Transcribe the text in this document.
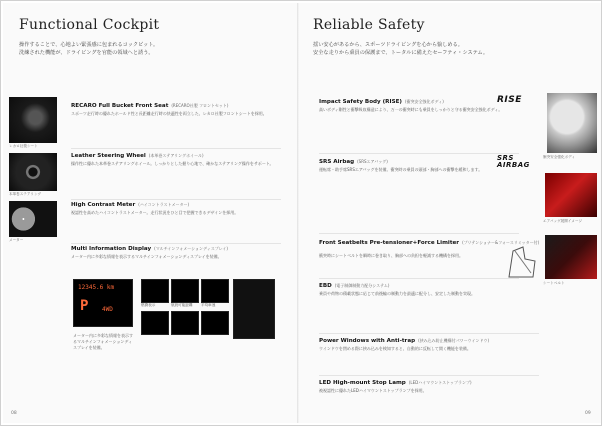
Functional Cockpit
操作することで、心地よい緊張感に包まれるコックピット。
洗練された機能が、ドライビングを官能の領域へと誘う。
レカロ社製シート
本革巻ステアリング
メーター
RECARO Full Bucket Front Seat (RECARO社製 フロントセット)
スポーツ走行時の優れたホールド性と長距離走行時の快適性を両立した、レカロ社製フロントシートを採用。
Leather Steering Wheel (本革巻ステアリングホイール)
操作性に優れた本革巻ステアリングホイール。しっかりとした握り心地で、確かなステアリング操作をサポート。
High Contrast Meter (ハイコントラストメーター)
視認性を高めたハイコントラストメーター。走行状況をひと目で把握できるデザインを採用。
Multi Information Display (マルチインフォメーションディスプレイ)
メーター内に多彩な情報を表示するマルチインフォメーションディスプレイを装備。
12345.6 km
P 4WD
燃費表示	航続可能距離 平均車速
メーター内に多彩な情報を表示するマルチインフォメーションディスプレイを装備。
08
Reliable Safety
揺い安心があるから、スポーツドライビングを心から愉しめる。
安全な走りから乗員の保護まで、トータルに備えたセーフティ・システム。
Impact Safety Body (RISE) (衝突安全強化ボディ)	RISE
高いボディ剛性と衝撃吸収構造により、万一の衝突時にも乗員をしっかりと守る衝突安全強化ボディ。
SRS Airbag (SRSエアバッグ)	SRS
AIRBAG
運転席・助手席SRSエアバッグを装備。衝突時の乗員の頭部・胸部への衝撃を緩和します。
Front Seatbelts Pre-tensioner+Force Limiter (プリテンショナー&フォースリミッター付)
衝突時にシートベルトを瞬時に巻き取り、胸部への負担を軽減する機構を採用。
EBD (電子制御制動力配分システム)
乗員や荷物の積載状態に応じて前後輪の制動力を最適に配分し、安定した制動を実現。
Power Windows with Anti-trap (挟み込み防止機構付パワーウインドウ)
ウインドウを閉める際に挟み込みを検知すると、自動的に反転して開く機能を装備。
LED High-mount Stop Lamp (LEDハイマウントストップランプ)
被視認性に優れたLEDハイマウントストップランプを採用。
衝突安全強化ボディ
エアバッグ展開イメージ
シートベルト
09
